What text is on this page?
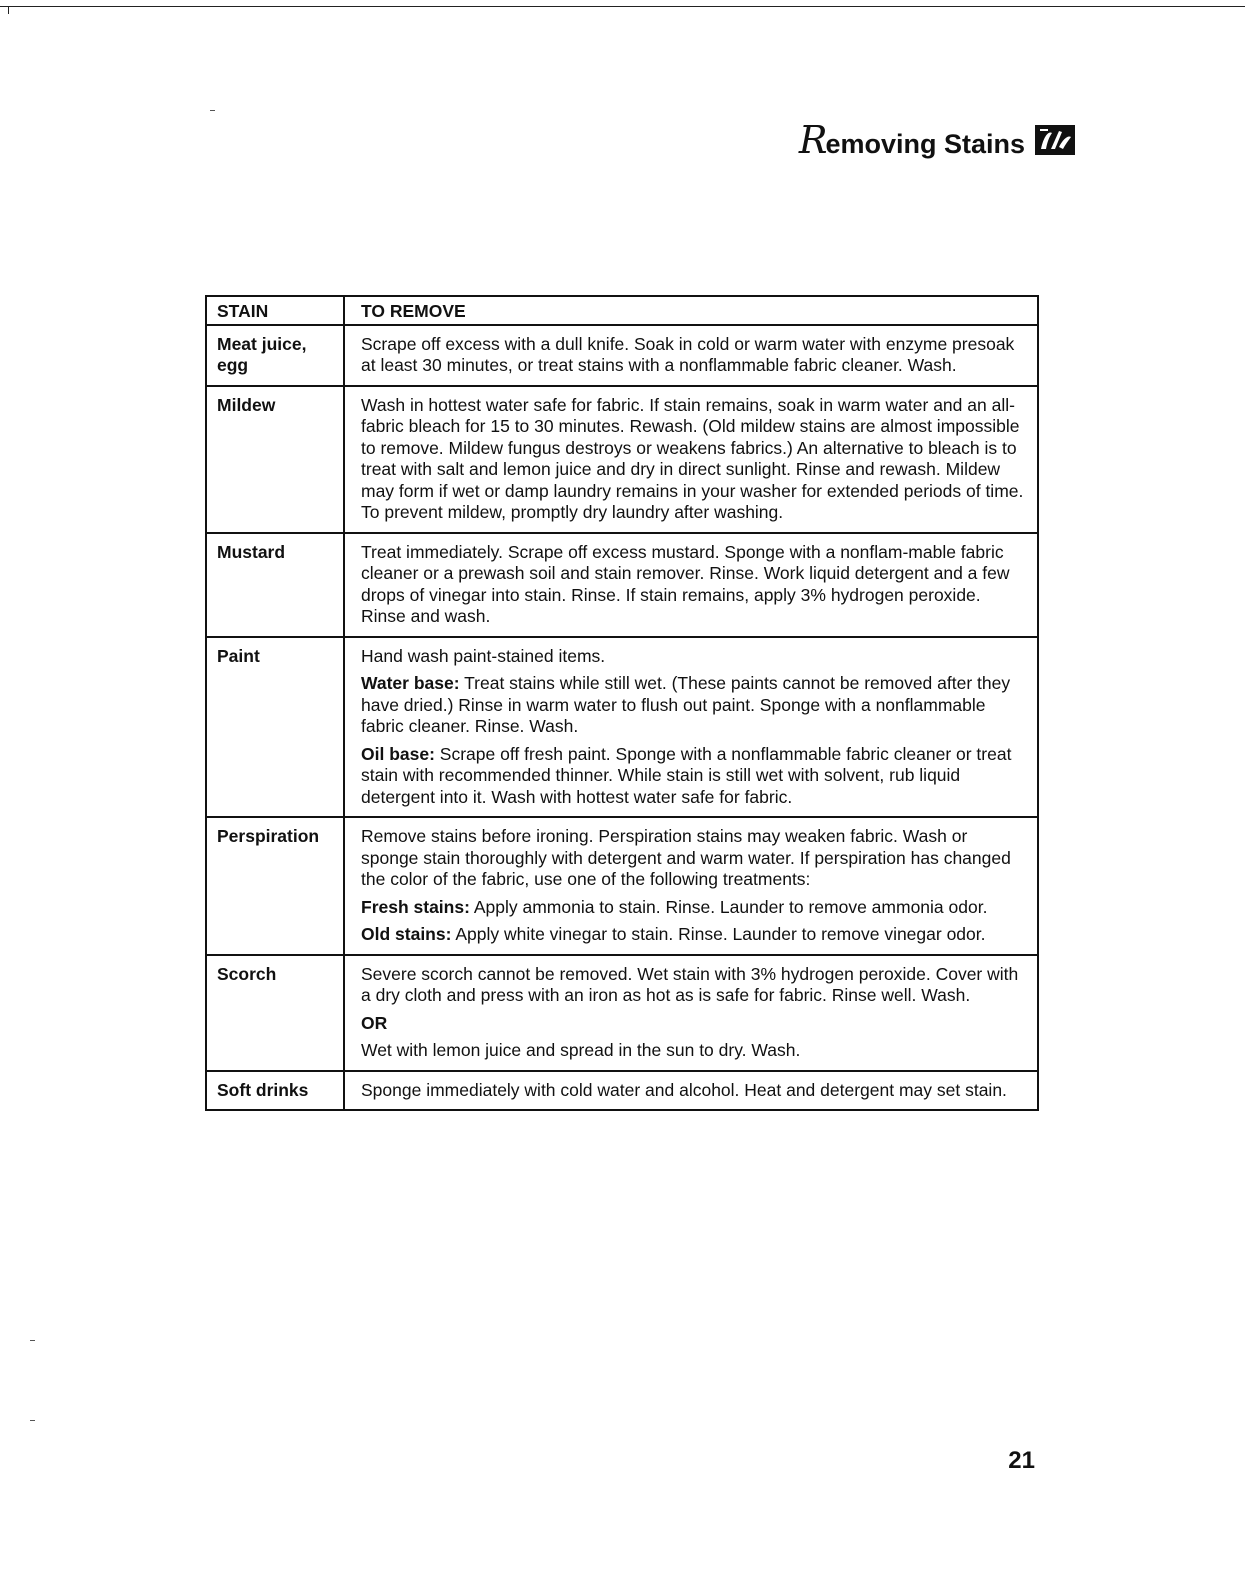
Removing Stains
STAIN	TO REMOVE

Meat juice,
egg	Scrape off excess with a dull knife. Soak in cold or warm water with enzyme presoak at least 30 minutes, or treat stains with a nonflammable fabric cleaner. Wash.

Mildew	Wash in hottest water safe for fabric. If stain remains, soak in warm water and an all-fabric bleach for 15 to 30 minutes. Rewash. (Old mildew stains are almost impossible to remove. Mildew fungus destroys or weakens fabrics.) An alternative to bleach is to treat with salt and lemon juice and dry in direct sunlight. Rinse and rewash. Mildew may form if wet or damp laundry remains in your washer for extended periods of time. To prevent mildew, promptly dry laundry after washing.

Mustard	Treat immediately. Scrape off excess mustard. Sponge with a nonflam-mable fabric cleaner or a prewash soil and stain remover. Rinse. Work liquid detergent and a few drops of vinegar into stain. Rinse. If stain remains, apply 3% hydrogen peroxide. Rinse and wash.

Paint	Hand wash paint-stained items.

Water base: Treat stains while still wet. (These paints cannot be removed after they have dried.) Rinse in warm water to flush out paint. Sponge with a nonflammable fabric cleaner. Rinse. Wash.

Oil base: Scrape off fresh paint. Sponge with a nonflammable fabric cleaner or treat stain with recommended thinner. While stain is still wet with solvent, rub liquid detergent into it. Wash with hottest water safe for fabric.

Perspiration	Remove stains before ironing. Perspiration stains may weaken fabric. Wash or sponge stain thoroughly with detergent and warm water. If perspiration has changed the color of the fabric, use one of the following treatments:

Fresh stains: Apply ammonia to stain. Rinse. Launder to remove ammonia odor.

Old stains: Apply white vinegar to stain. Rinse. Launder to remove vinegar odor.

Scorch	Severe scorch cannot be removed. Wet stain with 3% hydrogen peroxide. Cover with a dry cloth and press with an iron as hot as is safe for fabric. Rinse well. Wash.

OR

Wet with lemon juice and spread in the sun to dry. Wash.

Soft drinks	Sponge immediately with cold water and alcohol. Heat and detergent may set stain.

21
